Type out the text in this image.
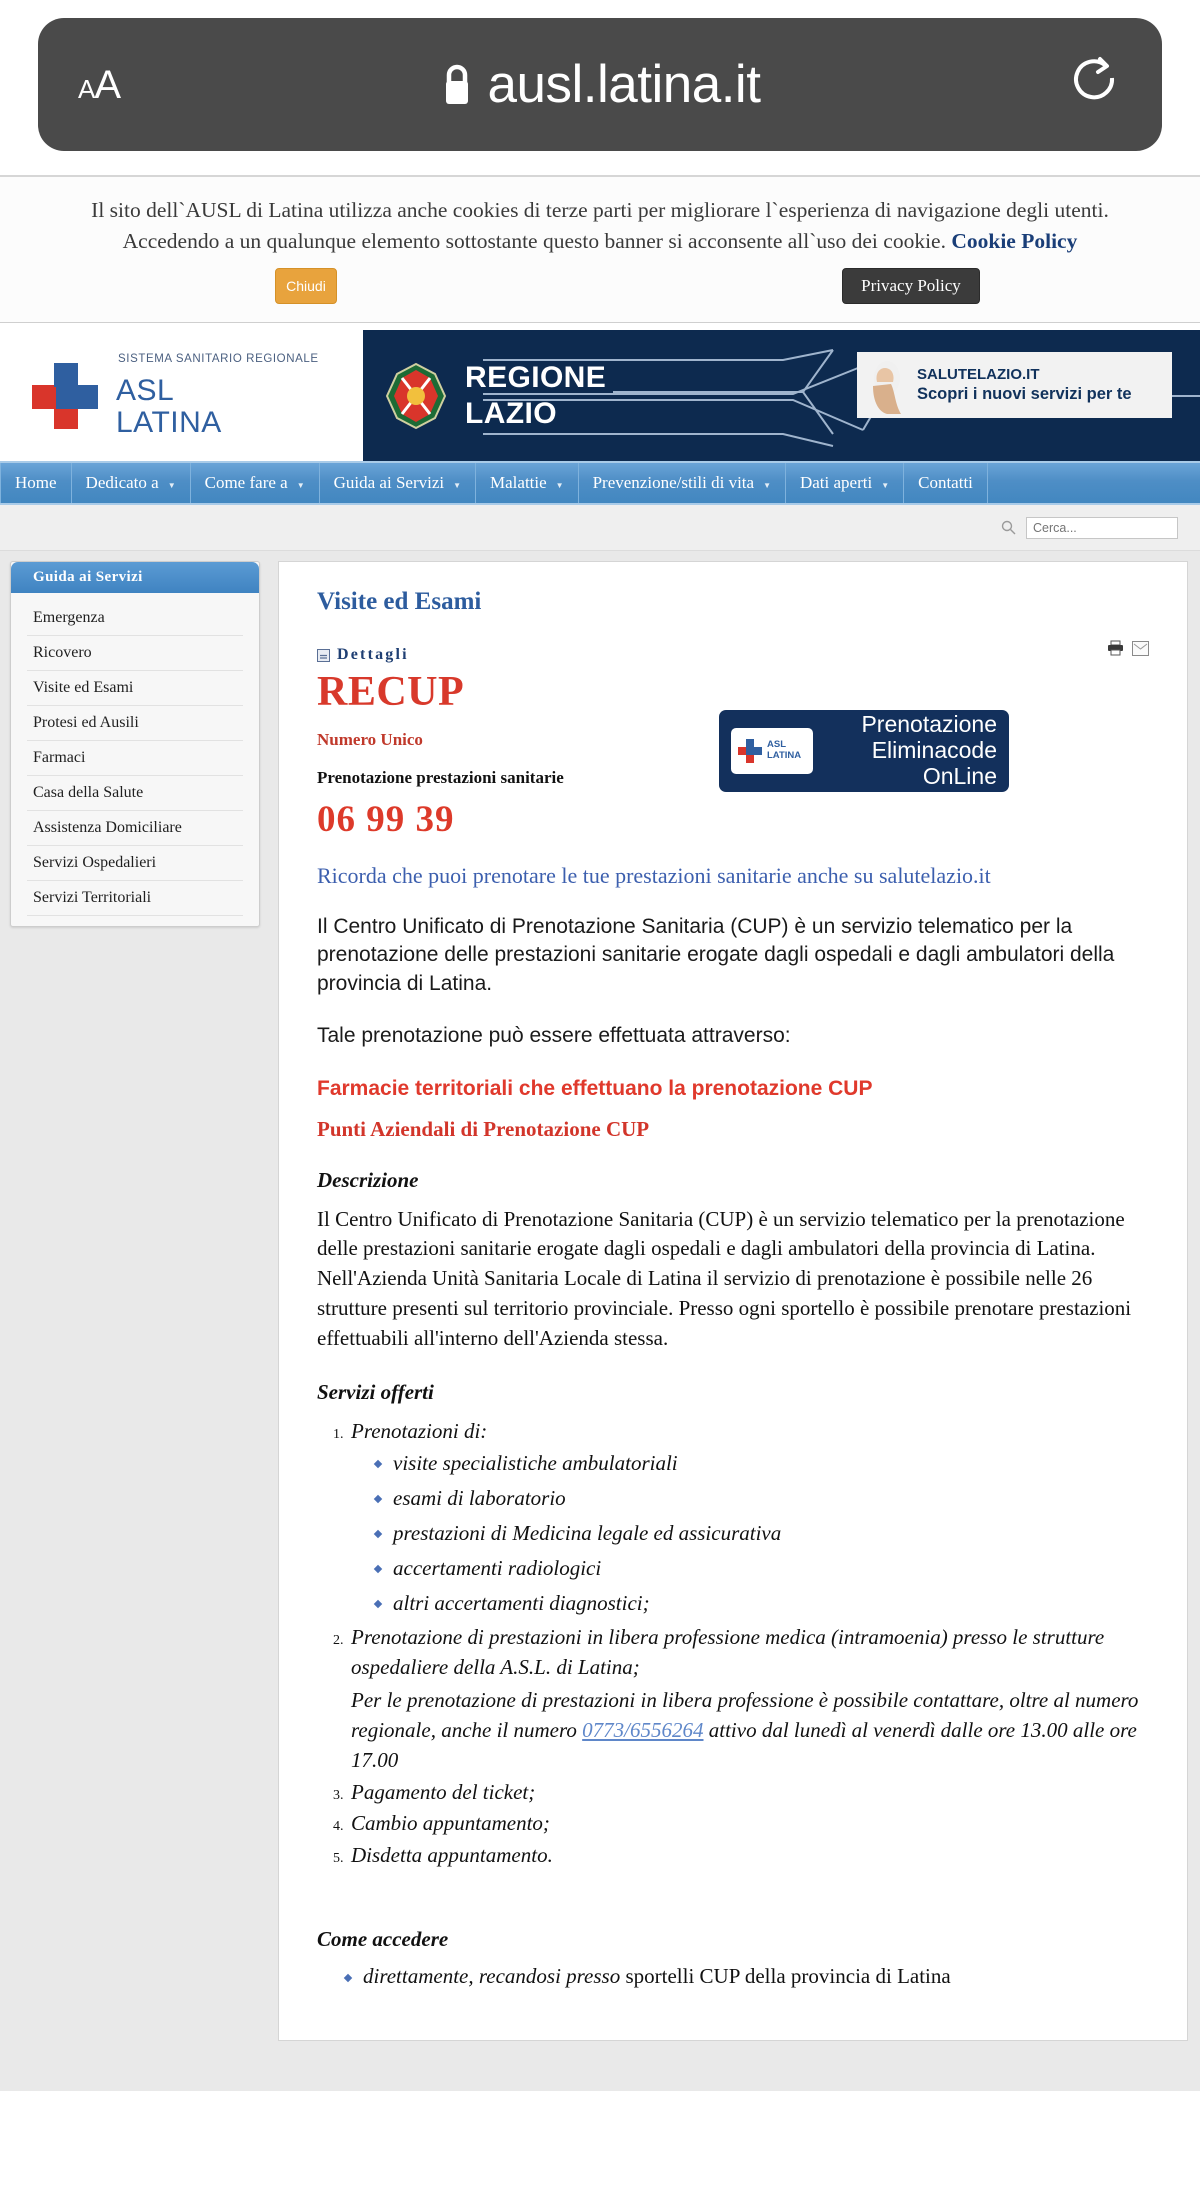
AA	ausl.latina.it
Il sito dell`AUSL di Latina utilizza anche cookies di terze parti per migliorare l`esperienza di navigazione degli utenti.
Accedendo a un qualunque elemento sottostante questo banner si acconsente all`uso dei cookie. Cookie Policy
Chiudi	Privacy Policy
SISTEMA SANITARIO REGIONALE
ASL
LATINA
REGIONE
LAZIO
SALUTELAZIO.IT
Scopri i nuovi servizi per te
Home Dedicato a ▼ Come fare a ▼ Guida ai Servizi ▼ Malattie ▼ Prevenzione/stili di vita ▼ Dati aperti ▼ Contatti
Cerca...
Guida ai Servizi
Emergenza
Ricovero
Visite ed Esami
Protesi ed Ausili
Farmaci
Casa della Salute
Assistenza Domiciliare
Servizi Ospedalieri
Servizi Territoriali
Visite ed Esami
ASL
LATINA
Prenotazione
Eliminacode
OnLine
Dettagli
RECUP
Numero Unico
Prenotazione prestazioni sanitarie
06 99 39
Ricorda che puoi prenotare le tue prestazioni sanitarie anche su salutelazio.it
Il Centro Unificato di Prenotazione Sanitaria (CUP) è un servizio telematico per la prenotazione delle prestazioni sanitarie erogate dagli ospedali e dagli ambulatori della provincia di Latina.
Tale prenotazione può essere effettuata attraverso:
Farmacie territoriali che effettuano la prenotazione CUP
Punti Aziendali di Prenotazione CUP
Descrizione
Il Centro Unificato di Prenotazione Sanitaria (CUP) è un servizio telematico per la prenotazione delle prestazioni sanitarie erogate dagli ospedali e dagli ambulatori della provincia di Latina.
Nell'Azienda Unità Sanitaria Locale di Latina il servizio di prenotazione è possibile nelle 26 strutture presenti sul territorio provinciale. Presso ogni sportello è possibile prenotare prestazioni effettuabili all'interno dell'Azienda stessa.
Servizi offerti
1. Prenotazioni di:
visite specialistiche ambulatoriali
esami di laboratorio
prestazioni di Medicina legale ed assicurativa
accertamenti radiologici
altri accertamenti diagnostici;
2. Prenotazione di prestazioni in libera professione medica (intramoenia) presso le strutture ospedaliere della A.S.L. di Latina;
Per le prenotazione di prestazioni in libera professione è possibile contattare, oltre al numero regionale, anche il numero 0773/6556264 attivo dal lunedì al venerdì dalle ore 13.00 alle ore 17.00
3. Pagamento del ticket;
4. Cambio appuntamento;
5. Disdetta appuntamento.
Come accedere
direttamente, recandosi presso sportelli CUP della provincia di Latina
